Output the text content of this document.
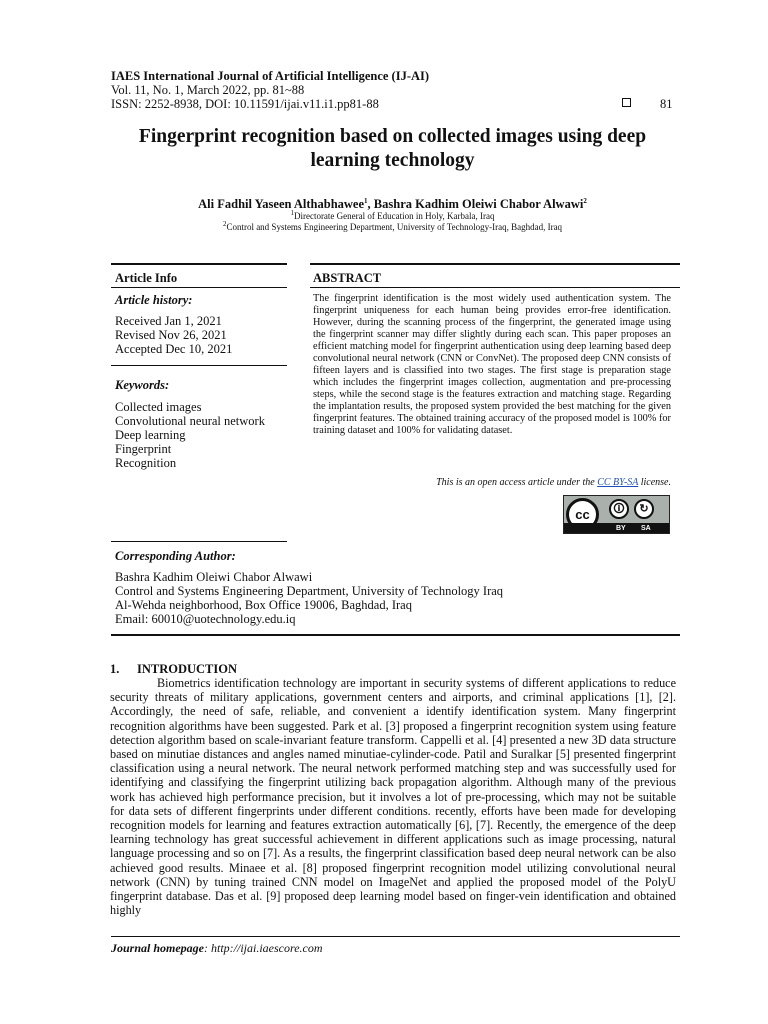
IAES International Journal of Artificial Intelligence (IJ-AI)
Vol. 11, No. 1, March 2022, pp. 81~88
ISSN: 2252-8938, DOI: 10.11591/ijai.v11.i1.pp81-88	81
Fingerprint recognition based on collected images using deep learning technology
Ali Fadhil Yaseen Althabhawee$^1$, Bashra Kadhim Oleiwi Chabor Alwawi$^2$
$^1$Directorate General of Education in Holy, Karbala, Iraq
$^2$Control and Systems Engineering Department, University of Technology-Iraq, Baghdad, Iraq
Article Info
Article history:
Received Jan 1, 2021
Revised Nov 26, 2021
Accepted Dec 10, 2021
Keywords:
Collected images
Convolutional neural network
Deep learning
Fingerprint
Recognition
ABSTRACT
The fingerprint identification is the most widely used authentication system. The fingerprint uniqueness for each human being provides error-free identification. However, during the scanning process of the fingerprint, the generated image using the fingerprint scanner may differ slightly during each scan. This paper proposes an efficient matching model for fingerprint authentication using deep learning based deep convolutional neural network (CNN or ConvNet). The proposed deep CNN consists of fifteen layers and is classified into two stages. The first stage is preparation stage which includes the fingerprint images collection, augmentation and pre-processing steps, while the second stage is the features extraction and matching stage. Regarding the implantation results, the proposed system provided the best matching for the given fingerprint features. The obtained training accuracy of the proposed model is 100% for training dataset and 100% for validating dataset.
This is an open access article under the CC BY-SA license.
cc	🛈	↻
BY SA
Corresponding Author:
Bashra Kadhim Oleiwi Chabor Alwawi
Control and Systems Engineering Department, University of Technology Iraq
Al-Wehda neighborhood, Box Office 19006, Baghdad, Iraq
Email: 60010@uotechnology.edu.iq
1. INTRODUCTION

Biometrics identification technology are important in security systems of different applications to reduce security threats of military applications, government centers and airports, and criminal applications [1], [2]. Accordingly, the need of safe, reliable, and convenient a identify identification system. Many fingerprint recognition algorithms have been suggested. Park et al. [3] proposed a fingerprint recognition system using feature detection algorithm based on scale-invariant feature transform. Cappelli et al. [4] presented a new 3D data structure based on minutiae distances and angles named minutiae-cylinder-code. Patil and Suralkar [5] presented fingerprint classification using a neural network. The neural network performed matching step and was successfully used for identifying and classifying the fingerprint utilizing back propagation algorithm. Although many of the previous work has achieved high performance precision, but it involves a lot of pre-processing, which may not be suitable for data sets of different fingerprints under different conditions. recently, efforts have been made for developing recognition models for learning and features extraction automatically [6], [7]. Recently, the emergence of the deep learning technology has great successful achievement in different applications such as image processing, natural language processing and so on [7]. As a results, the fingerprint classification based deep neural network can be also achieved good results. Minaee et al. [8] proposed fingerprint recognition model utilizing convolutional neural network (CNN) by tuning trained CNN model on ImageNet and applied the proposed model of the PolyU fingerprint database. Das et al. [9] proposed deep learning model based on finger-vein identification and obtained highly

Journal homepage: http://ijai.iaescore.com
